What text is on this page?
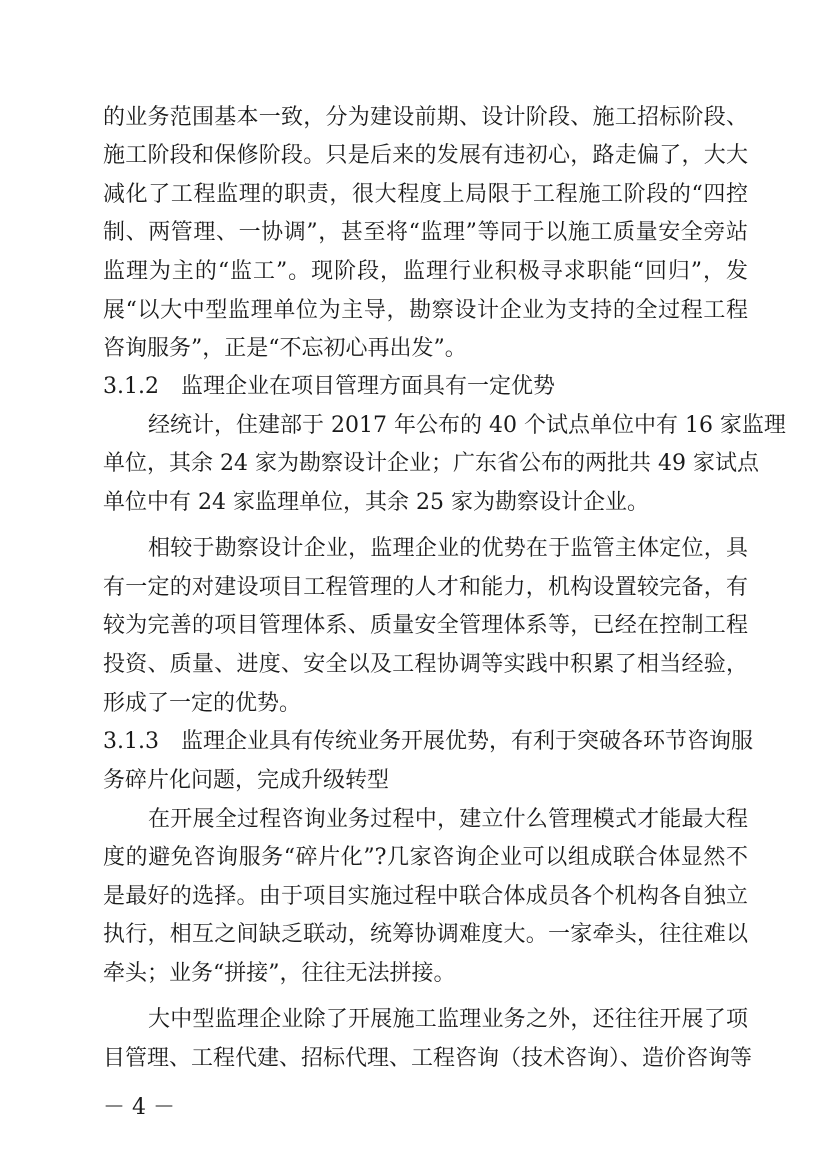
的业务范围基本一致，分为建设前期、设计阶段、施工招标阶段、
施工阶段和保修阶段。只是后来的发展有违初心，路走偏了，大大
减化了工程监理的职责，很大程度上局限于工程施工阶段的“四控
制、两管理、一协调”，甚至将“监理”等同于以施工质量安全旁站
监理为主的“监工”。现阶段，监理行业积极寻求职能“回归”，发
展“以大中型监理单位为主导，勘察设计企业为支持的全过程工程
咨询服务”，正是“不忘初心再出发”。
3.1.2 监理企业在项目管理方面具有一定优势
经统计，住建部于 2017 年公布的 40 个试点单位中有 16 家监理
单位，其余 24 家为勘察设计企业；广东省公布的两批共 49 家试点
单位中有 24 家监理单位，其余 25 家为勘察设计企业。
相较于勘察设计企业，监理企业的优势在于监管主体定位，具
有一定的对建设项目工程管理的人才和能力，机构设置较完备，有
较为完善的项目管理体系、质量安全管理体系等，已经在控制工程
投资、质量、进度、安全以及工程协调等实践中积累了相当经验，
形成了一定的优势。
3.1.3 监理企业具有传统业务开展优势，有利于突破各环节咨询服
务碎片化问题，完成升级转型
在开展全过程咨询业务过程中，建立什么管理模式才能最大程
度的避免咨询服务“碎片化”?几家咨询企业可以组成联合体显然不
是最好的选择。由于项目实施过程中联合体成员各个机构各自独立
执行，相互之间缺乏联动，统筹协调难度大。一家牵头，往往难以
牵头；业务“拼接”，往往无法拼接。
大中型监理企业除了开展施工监理业务之外，还往往开展了项
目管理、工程代建、招标代理、工程咨询（技术咨询）、造价咨询等
－ 4 －
